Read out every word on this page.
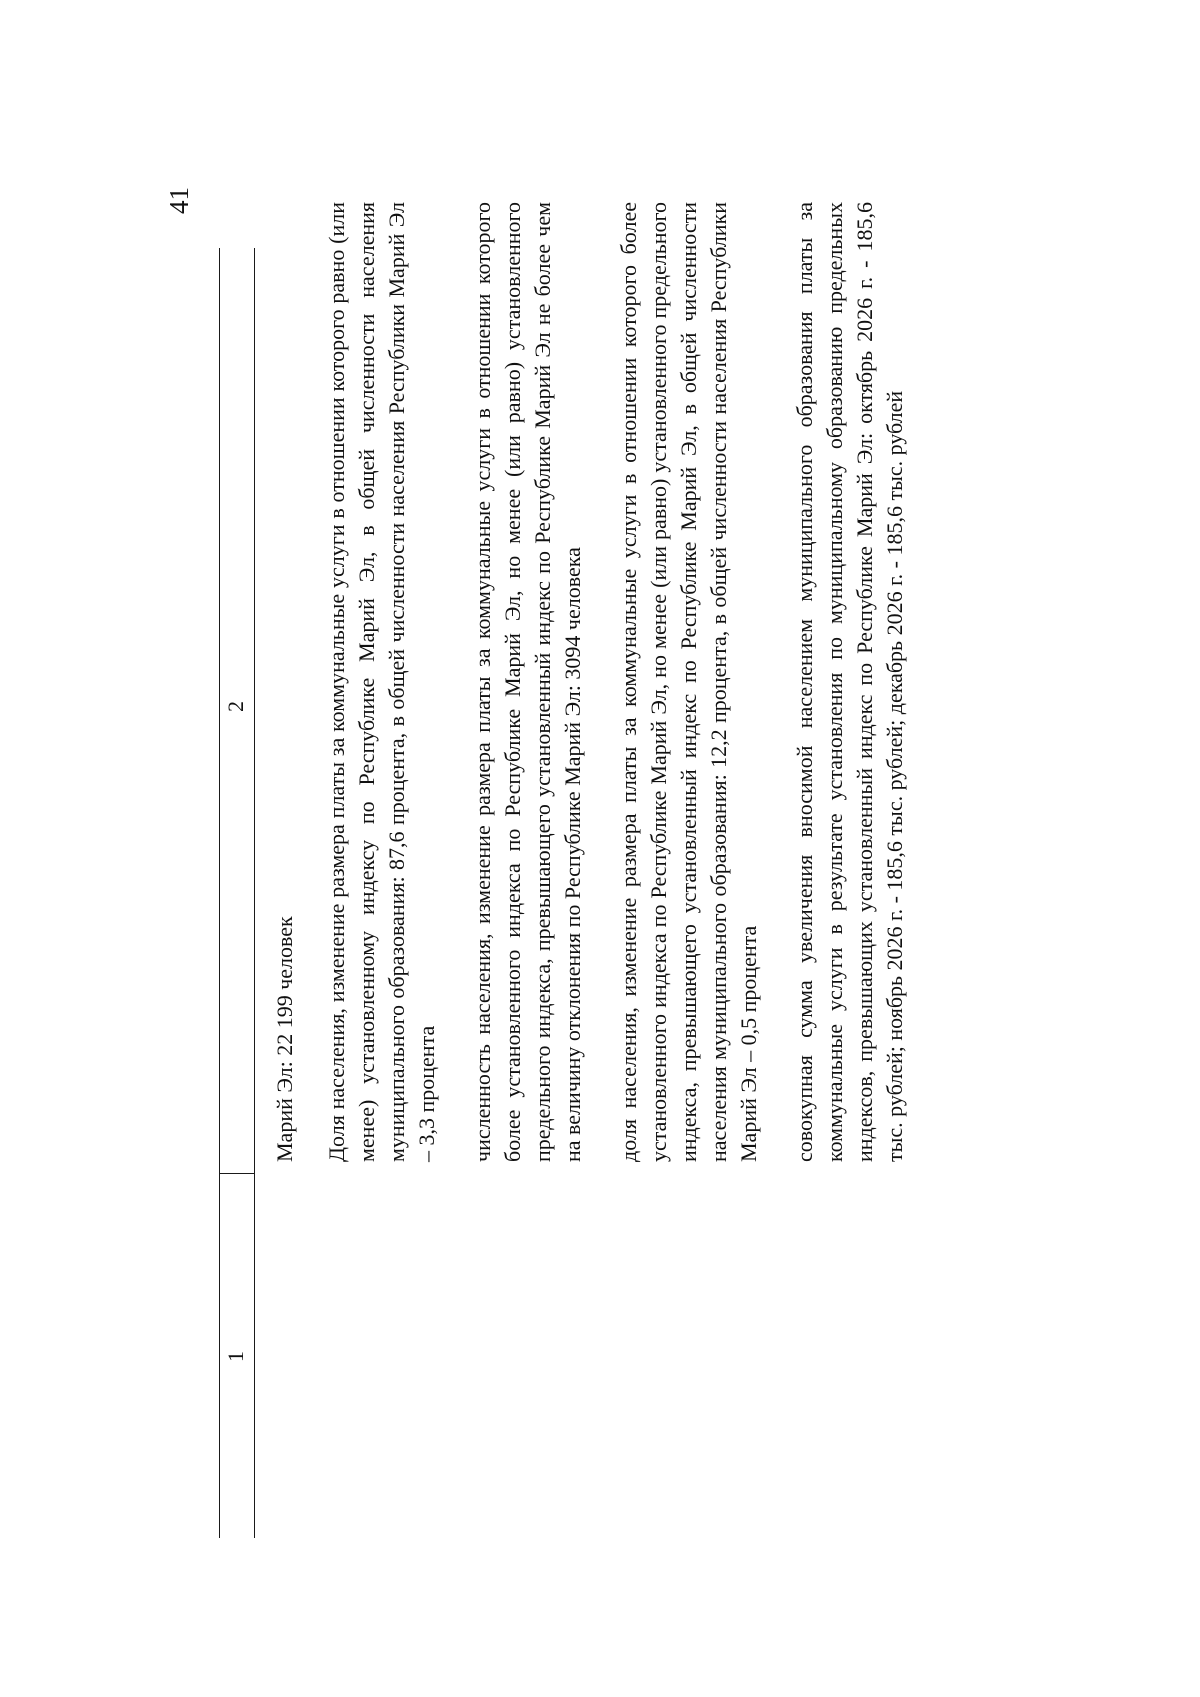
41
1
2

Марий Эл: 22 199 человек Доля населения, изменение размера платы за коммунальные услуги в отношении которого равно (или менее) установленному индексу по Республике Марий Эл, в общей численности населения муниципального образования: 87,6 процента, в общей численности населения Республики Марий Эл – 3,3 процента численность населения, изменение размера платы за коммунальные услуги в отношении которого более установленного индекса по Республике Марий Эл, но менее (или равно) установленного предельного индекса, превышающего установленный индекс по Республике Марий Эл не более чем на величину отклонения по Республике Марий Эл: 3094 человека доля населения, изменение размера платы за коммунальные услуги в отношении которого более установленного индекса по Республике Марий Эл, но менее (или равно) установленного предельного индекса, превышающего установленный индекс по Республике Марий Эл, в общей численности населения муниципального образования: 12,2 процента, в общей численности населения Республики Марий Эл – 0,5 процента совокупная сумма увеличения вносимой населением муниципального образования платы за коммунальные услуги в результате установления по муниципальному образованию предельных индексов, превышающих установленный индекс по Республике Марий Эл: октябрь 2026 г. - 185,6 тыс. рублей; ноябрь 2026 г. - 185,6 тыс. рублей; декабрь 2026 г. - 185,6 тыс. рублей
